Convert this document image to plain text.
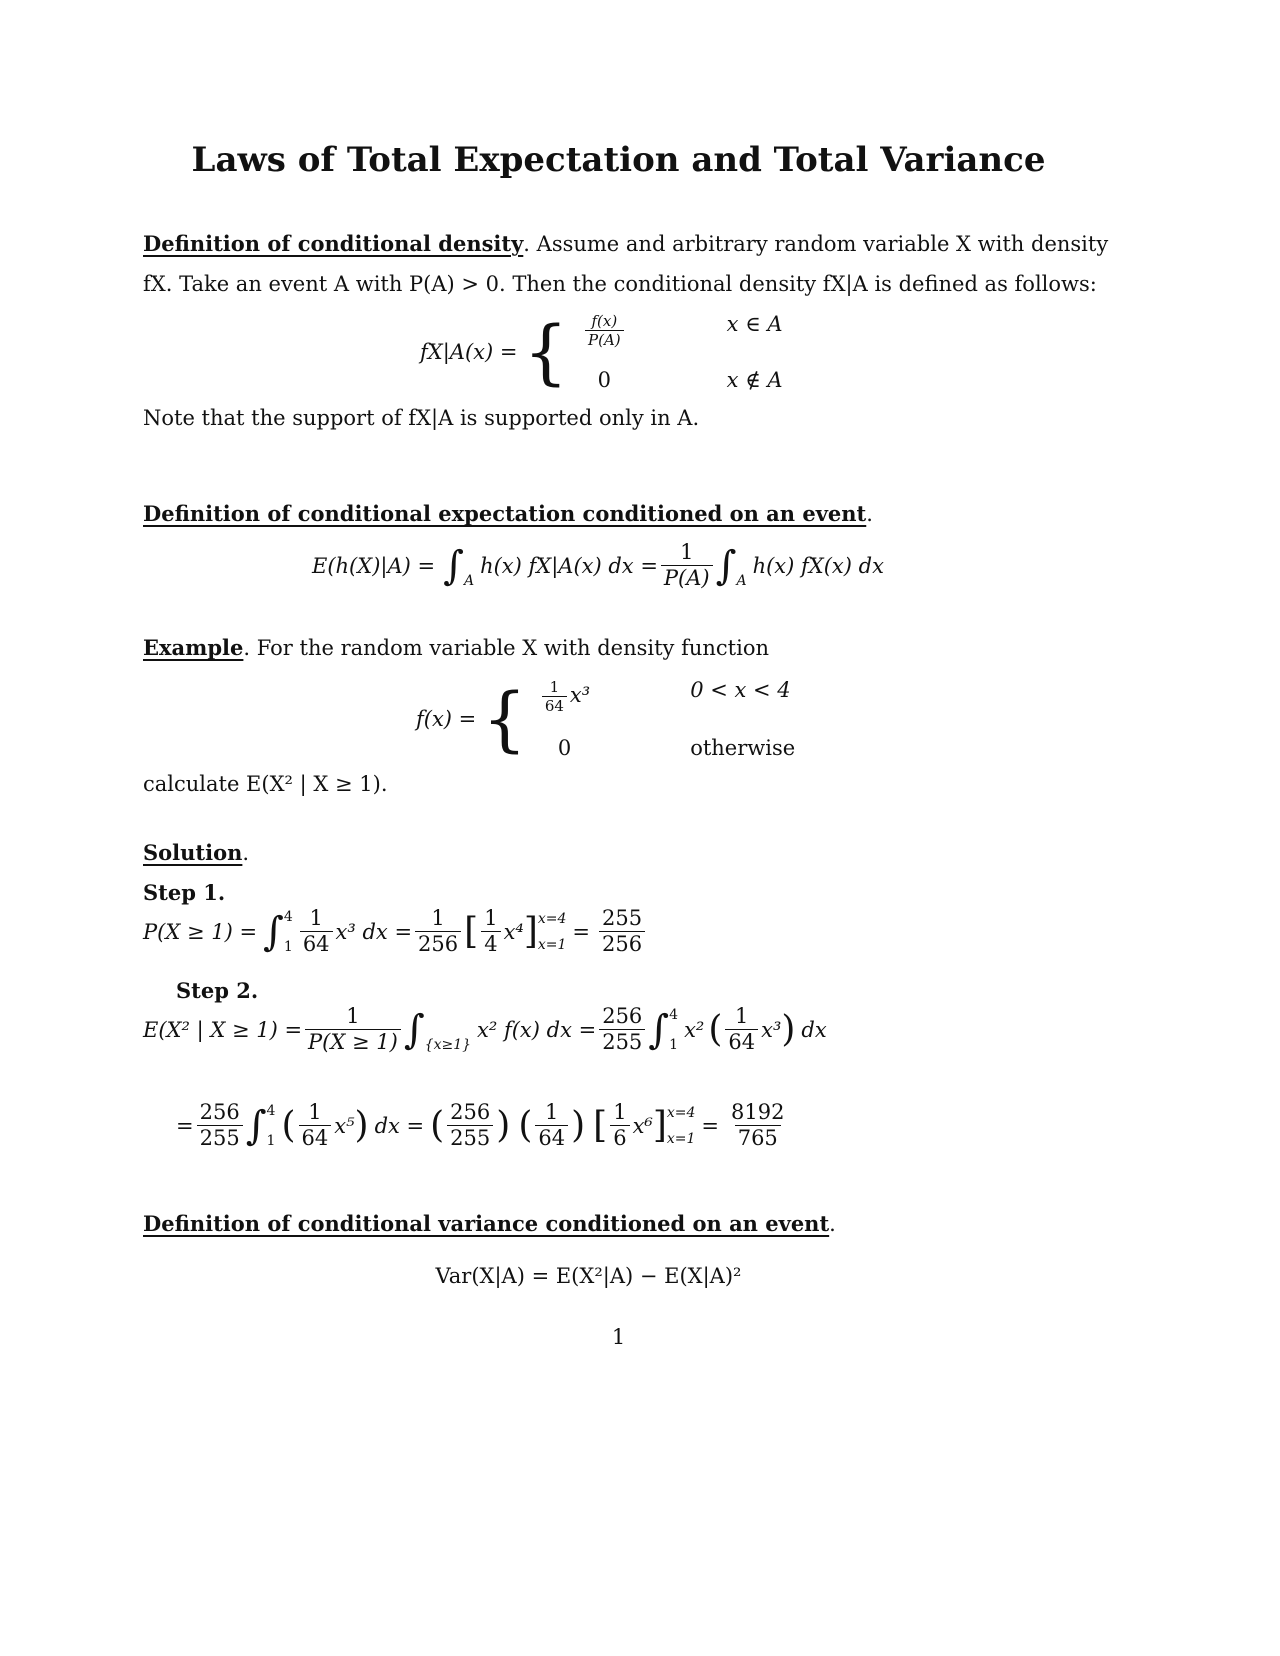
Laws of Total Expectation and Total Variance
Definition of conditional density. Assume and arbitrary random variable X with density
fX. Take an event A with P(A) > 0. Then the conditional density fX|A is defined as follows:
fX|A(x) = { $\frac{f(x)}{P(A)}$
0
x ∈ A
x ∉ A
Note that the support of fX|A is supported only in A.
Definition of conditional expectation conditioned on an event.
$E(h(X)|A) = \int_A$
h(x) fX|A(x) dx = $\frac{1}{P(A)} \int_A$
h(x) fX(x) dx
Example. For the random variable X with density function
f(x) = { $\frac{1}{64} x^3$
0
0 < x < 4
otherwise
calculate E(X² | X ≥ 1).
Solution.
Step 1.
P(X ≥ 1) = ∫ 4
$1 \frac{1}{64} x^3$ dx = $\frac{1}{256}$ [ $\frac{1}{4} x^4$ ] x=4
x=1
= $\frac{255}{256}$
Step 2.
E(X² | $X \ge 1) = \frac{1}{P(X \ge 1)} \int_{\{x\ge 1\}}$
x² f(x) dx = $\frac{256}{255}$ ∫ 4
1
x² ( $\frac{1}{64} x^3$ ) dx
= $\frac{256}{255}$ ∫ 4
1 ( $\frac{1}{64} x^5$ ) dx = ( $\frac{256}{255}$ ) ( $\frac{1}{64}$ ) [ $\frac{1}{6} x^6$ ] x=4
x=1
= $\frac{8192}{765}$
Definition of conditional variance conditioned on an event.
Var(X|A) = E(X²|A) − E(X|A)²
1
